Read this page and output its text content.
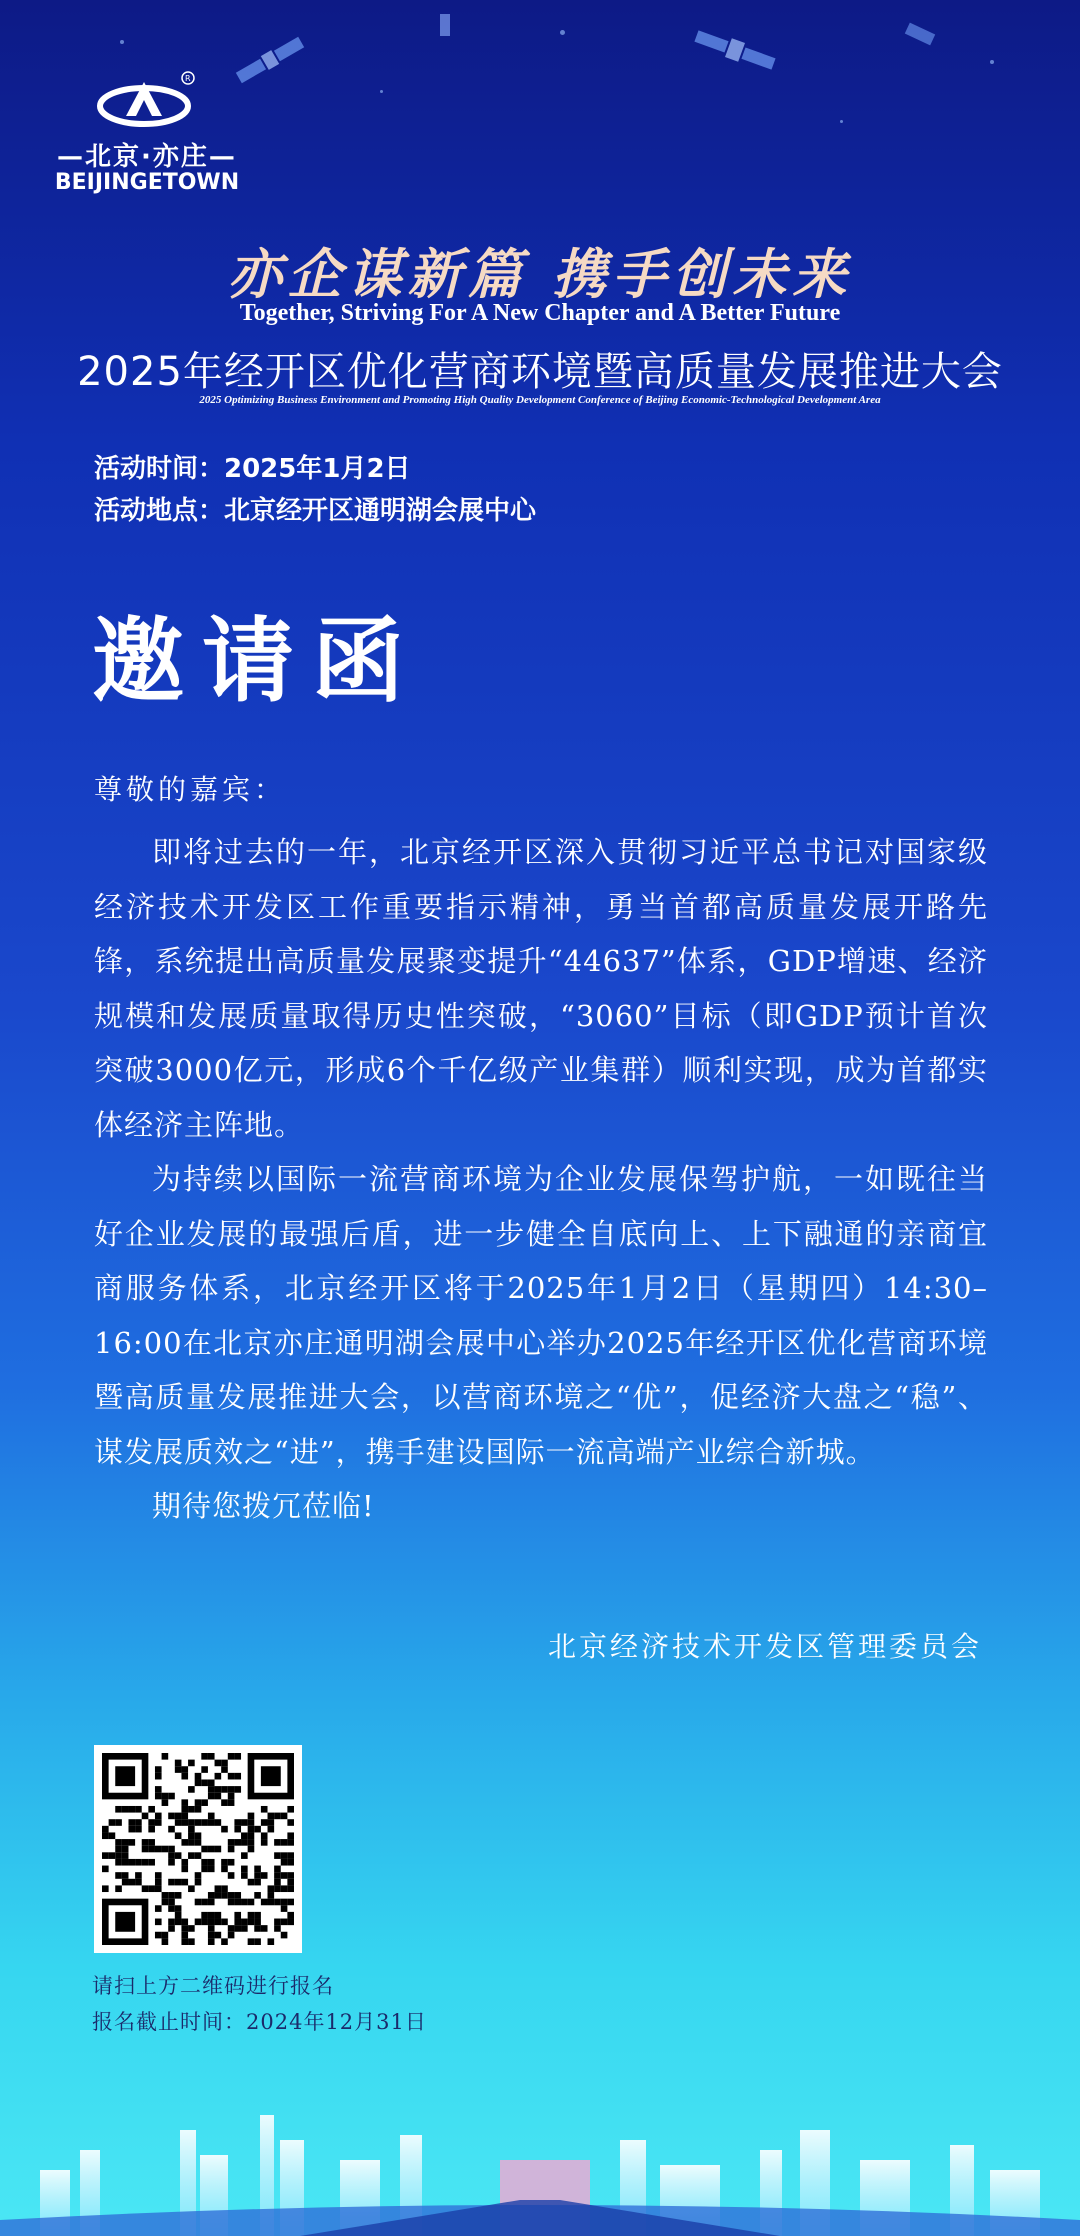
R
—北京·亦庄—
BEIJINGETOWN
亦企谋新篇 携手创未来
Together, Striving For A New Chapter and A Better Future
2025年经开区优化营商环境暨高质量发展推进大会
2025 Optimizing Business Environment and Promoting High Quality Development Conference of Beijing Economic-Technological Development Area
活动时间：2025年1月2日
活动地点：北京经开区通明湖会展中心
邀请函
尊敬的嘉宾：

即将过去的一年，北京经开区深入贯彻习近平总书记对国家级经济技术开发区工作重要指示精神，勇当首都高质量发展开路先锋，系统提出高质量发展聚变提升“44637”体系，GDP增速、经济规模和发展质量取得历史性突破，“3060”目标（即GDP预计首次突破3000亿元，形成6个千亿级产业集群）顺利实现，成为首都实体经济主阵地。

为持续以国际一流营商环境为企业发展保驾护航，一如既往当好企业发展的最强后盾，进一步健全自底向上、上下融通的亲商宜商服务体系，北京经开区将于2025年1月2日（星期四）14:30–16:00在北京亦庄通明湖会展中心举办2025年经开区优化营商环境暨高质量发展推进大会，以营商环境之“优”，促经济大盘之“稳”、谋发展质效之“进”，携手建设国际一流高端产业综合新城。

期待您拨冗莅临!

北京经济技术开发区管理委员会
请扫上方二维码进行报名
报名截止时间：2024年12月31日
